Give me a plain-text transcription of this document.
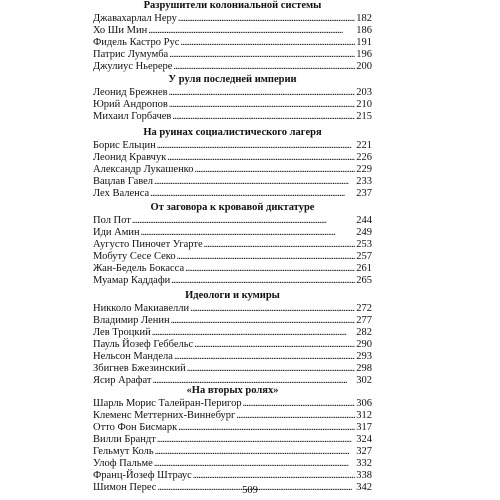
Разрушители колониальной системы
Джавахарлал Неру . . .	182
Хо Ши Мин . . .	186
Фидель Кастро Рус . . .	191
Патрис Лумумба . . .	196
Джулиус Ньерере . . .	200
У руля последней империи
Леонид Брежнев . . .	203
Юрий Андропов . . .	210
Михаил Горбачев . . .	215
На руинах социалистического лагеря
Борис Ельцин . . .	221
Леонид Кравчук . . .	226
Александр Лукашенко . . .	229
Вацлав Гавел . . .	233
Лех Валенса . . .	237
От заговора к кровавой диктатуре
Пол Пот . . .	244
Иди Амин . . .	249
Аугусто Пиночет Угарте . . .	253
Мобуту Сесе Секо . . .	257
Жан-Бедель Бокасса . . .	261
Муамар Каддафи . . .	265
Идеологи и кумиры
Никколо Макиавелли . . .	272
Владимир Ленин . . .	277
Лев Троцкий . . .	282
Пауль Йозеф Геббельс . . .	290
Нельсон Мандела . . .	293
Збигнев Бжезинский . . .	298
Ясир Арафат . . .	302
«На вторых ролях»
Шарль Морис Талейран-Перигор . . .	306
Клеменс Меттерних-Виннебург . . .	312
Отто Фон Бисмарк . . .	317
Вилли Брандт . . .	324
Гельмут Коль . . .	327
Улоф Пальме . . .	332
Франц-Йозеф Штраус . . .	338
Шимон Перес . . .	342
509
